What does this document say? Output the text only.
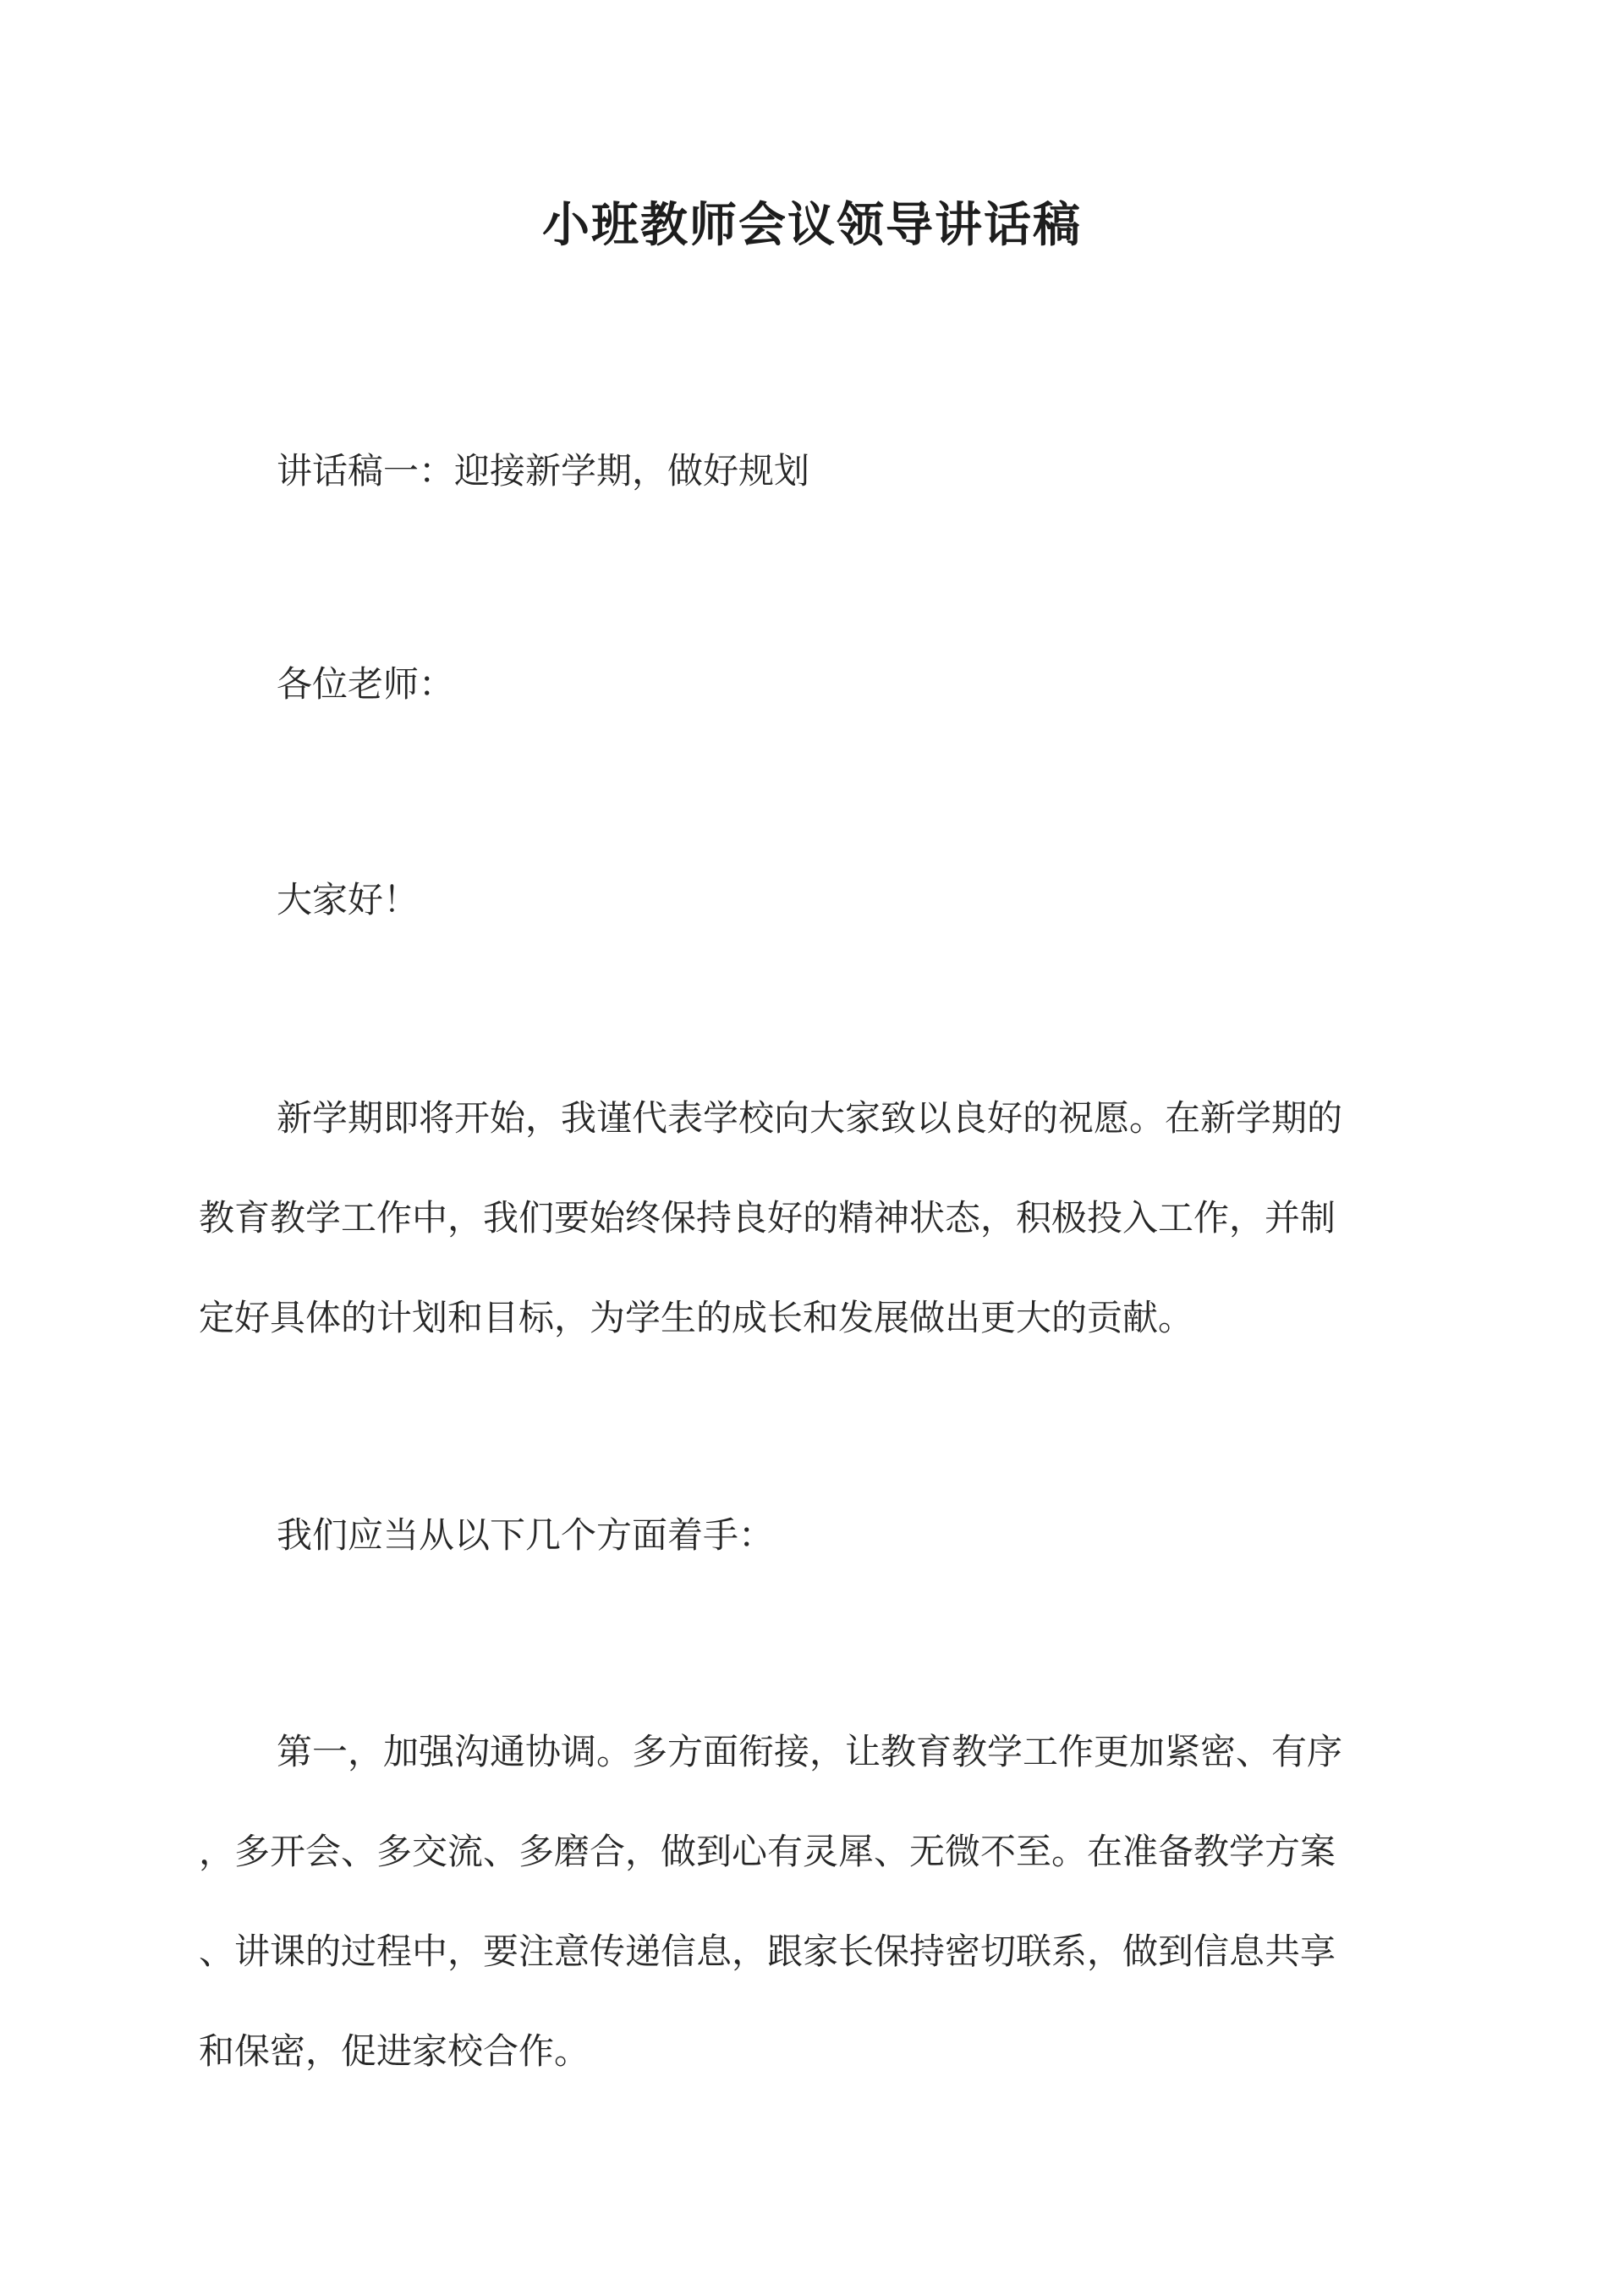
小班教师会议领导讲话稿

讲话稿一：迎接新学期，做好规划

各位老师：

大家好！

新学期即将开始，我谨代表学校向大家致以良好的祝愿。在新学期的
教育教学工作中，我们要始终保持良好的精神状态，积极投入工作，并制
定好具体的计划和目标，为学生的成长和发展做出更大的贡献。

我们应当从以下几个方面着手：

第一，加强沟通协调。多方面衔接，让教育教学工作更加紧密、有序
，多开会、多交流、多磨合，做到心有灵犀、无微不至。在准备教学方案
、讲课的过程中，要注意传递信息，跟家长保持密切联系，做到信息共享
和保密，促进家校合作。
